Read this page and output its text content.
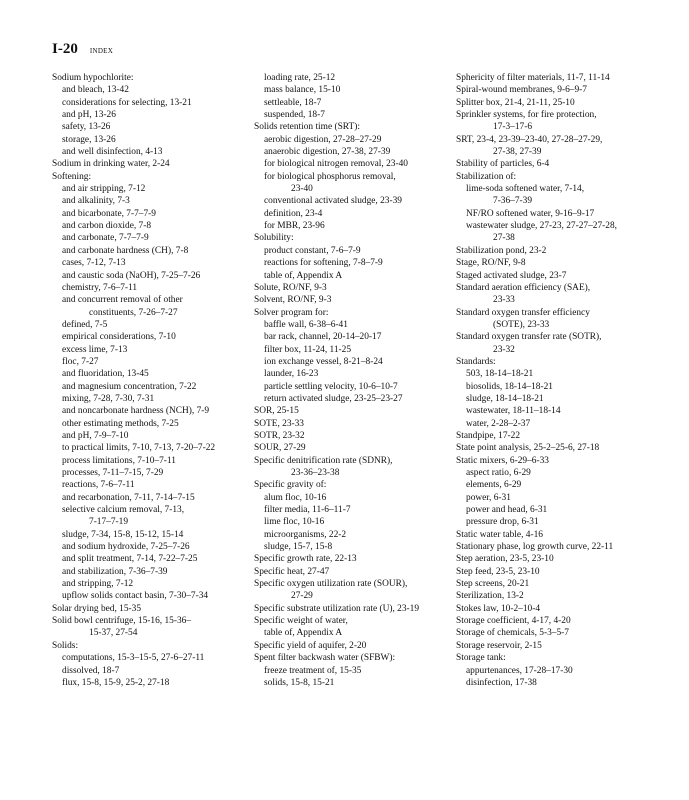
I-20 INDEX
Sodium hypochlorite:
and bleach, 13-42
considerations for selecting, 13-21
and pH, 13-26
safety, 13-26
storage, 13-26
and well disinfection, 4-13
Sodium in drinking water, 2-24
Softening:
and air stripping, 7-12
and alkalinity, 7-3
and bicarbonate, 7-7–7-9
and carbon dioxide, 7-8
and carbonate, 7-7–7-9
and carbonate hardness (CH), 7-8
cases, 7-12, 7-13
and caustic soda (NaOH), 7-25–7-26
chemistry, 7-6–7-11
and concurrent removal of other
constituents, 7-26–7-27
defined, 7-5
empirical considerations, 7-10
excess lime, 7-13
floc, 7-27
and fluoridation, 13-45
and magnesium concentration, 7-22
mixing, 7-28, 7-30, 7-31
and noncarbonate hardness (NCH), 7-9
other estimating methods, 7-25
and pH, 7-9–7-10
to practical limits, 7-10, 7-13, 7-20–7-22
process limitations, 7-10–7-11
processes, 7-11–7-15, 7-29
reactions, 7-6–7-11
and recarbonation, 7-11, 7-14–7-15
selective calcium removal, 7-13,
7-17–7-19
sludge, 7-34, 15-8, 15-12, 15-14
and sodium hydroxide, 7-25–7-26
and split treatment, 7-14, 7-22–7-25
and stabilization, 7-36–7-39
and stripping, 7-12
upflow solids contact basin, 7-30–7-34
Solar drying bed, 15-35
Solid bowl centrifuge, 15-16, 15-36–
15-37, 27-54
Solids:
computations, 15-3–15-5, 27-6–27-11
dissolved, 18-7
flux, 15-8, 15-9, 25-2, 27-18
loading rate, 25-12
mass balance, 15-10
settleable, 18-7
suspended, 18-7
Solids retention time (SRT):
aerobic digestion, 27-28–27-29
anaerobic digestion, 27-38, 27-39
for biological nitrogen removal, 23-40
for biological phosphorus removal,
23-40
conventional activated sludge, 23-39
definition, 23-4
for MBR, 23-96
Solubility:
product constant, 7-6–7-9
reactions for softening, 7-8–7-9
table of, Appendix A
Solute, RO/NF, 9-3
Solvent, RO/NF, 9-3
Solver program for:
baffle wall, 6-38–6-41
bar rack, channel, 20-14–20-17
filter box, 11-24, 11-25
ion exchange vessel, 8-21–8-24
launder, 16-23
particle settling velocity, 10-6–10-7
return activated sludge, 23-25–23-27
SOR, 25-15
SOTE, 23-33
SOTR, 23-32
SOUR, 27-29
Specific denitrification rate (SDNR),
23-36–23-38
Specific gravity of:
alum floc, 10-16
filter media, 11-6–11-7
lime floc, 10-16
microorganisms, 22-2
sludge, 15-7, 15-8
Specific growth rate, 22-13
Specific heat, 27-47
Specific oxygen utilization rate (SOUR),
27-29
Specific substrate utilization rate (U), 23-19
Specific weight of water,
table of, Appendix A
Specific yield of aquifer, 2-20
Spent filter backwash water (SFBW):
freeze treatment of, 15-35
solids, 15-8, 15-21
Sphericity of filter materials, 11-7, 11-14
Spiral-wound membranes, 9-6–9-7
Splitter box, 21-4, 21-11, 25-10
Sprinkler systems, for fire protection,
17-3–17-6
SRT, 23-4, 23-39–23-40, 27-28–27-29,
27-38, 27-39
Stability of particles, 6-4
Stabilization of:
lime-soda softened water, 7-14,
7-36–7-39
NF/RO softened water, 9-16–9-17
wastewater sludge, 27-23, 27-27–27-28,
27-38
Stabilization pond, 23-2
Stage, RO/NF, 9-8
Staged activated sludge, 23-7
Standard aeration efficiency (SAE),
23-33
Standard oxygen transfer efficiency
(SOTE), 23-33
Standard oxygen transfer rate (SOTR),
23-32
Standards:
503, 18-14–18-21
biosolids, 18-14–18-21
sludge, 18-14–18-21
wastewater, 18-11–18-14
water, 2-28–2-37
Standpipe, 17-22
State point analysis, 25-2–25-6, 27-18
Static mixers, 6-29–6-33
aspect ratio, 6-29
elements, 6-29
power, 6-31
power and head, 6-31
pressure drop, 6-31
Static water table, 4-16
Stationary phase, log growth curve, 22-11
Step aeration, 23-5, 23-10
Step feed, 23-5, 23-10
Step screens, 20-21
Sterilization, 13-2
Stokes law, 10-2–10-4
Storage coefficient, 4-17, 4-20
Storage of chemicals, 5-3–5-7
Storage reservoir, 2-15
Storage tank:
appurtenances, 17-28–17-30
disinfection, 17-38
